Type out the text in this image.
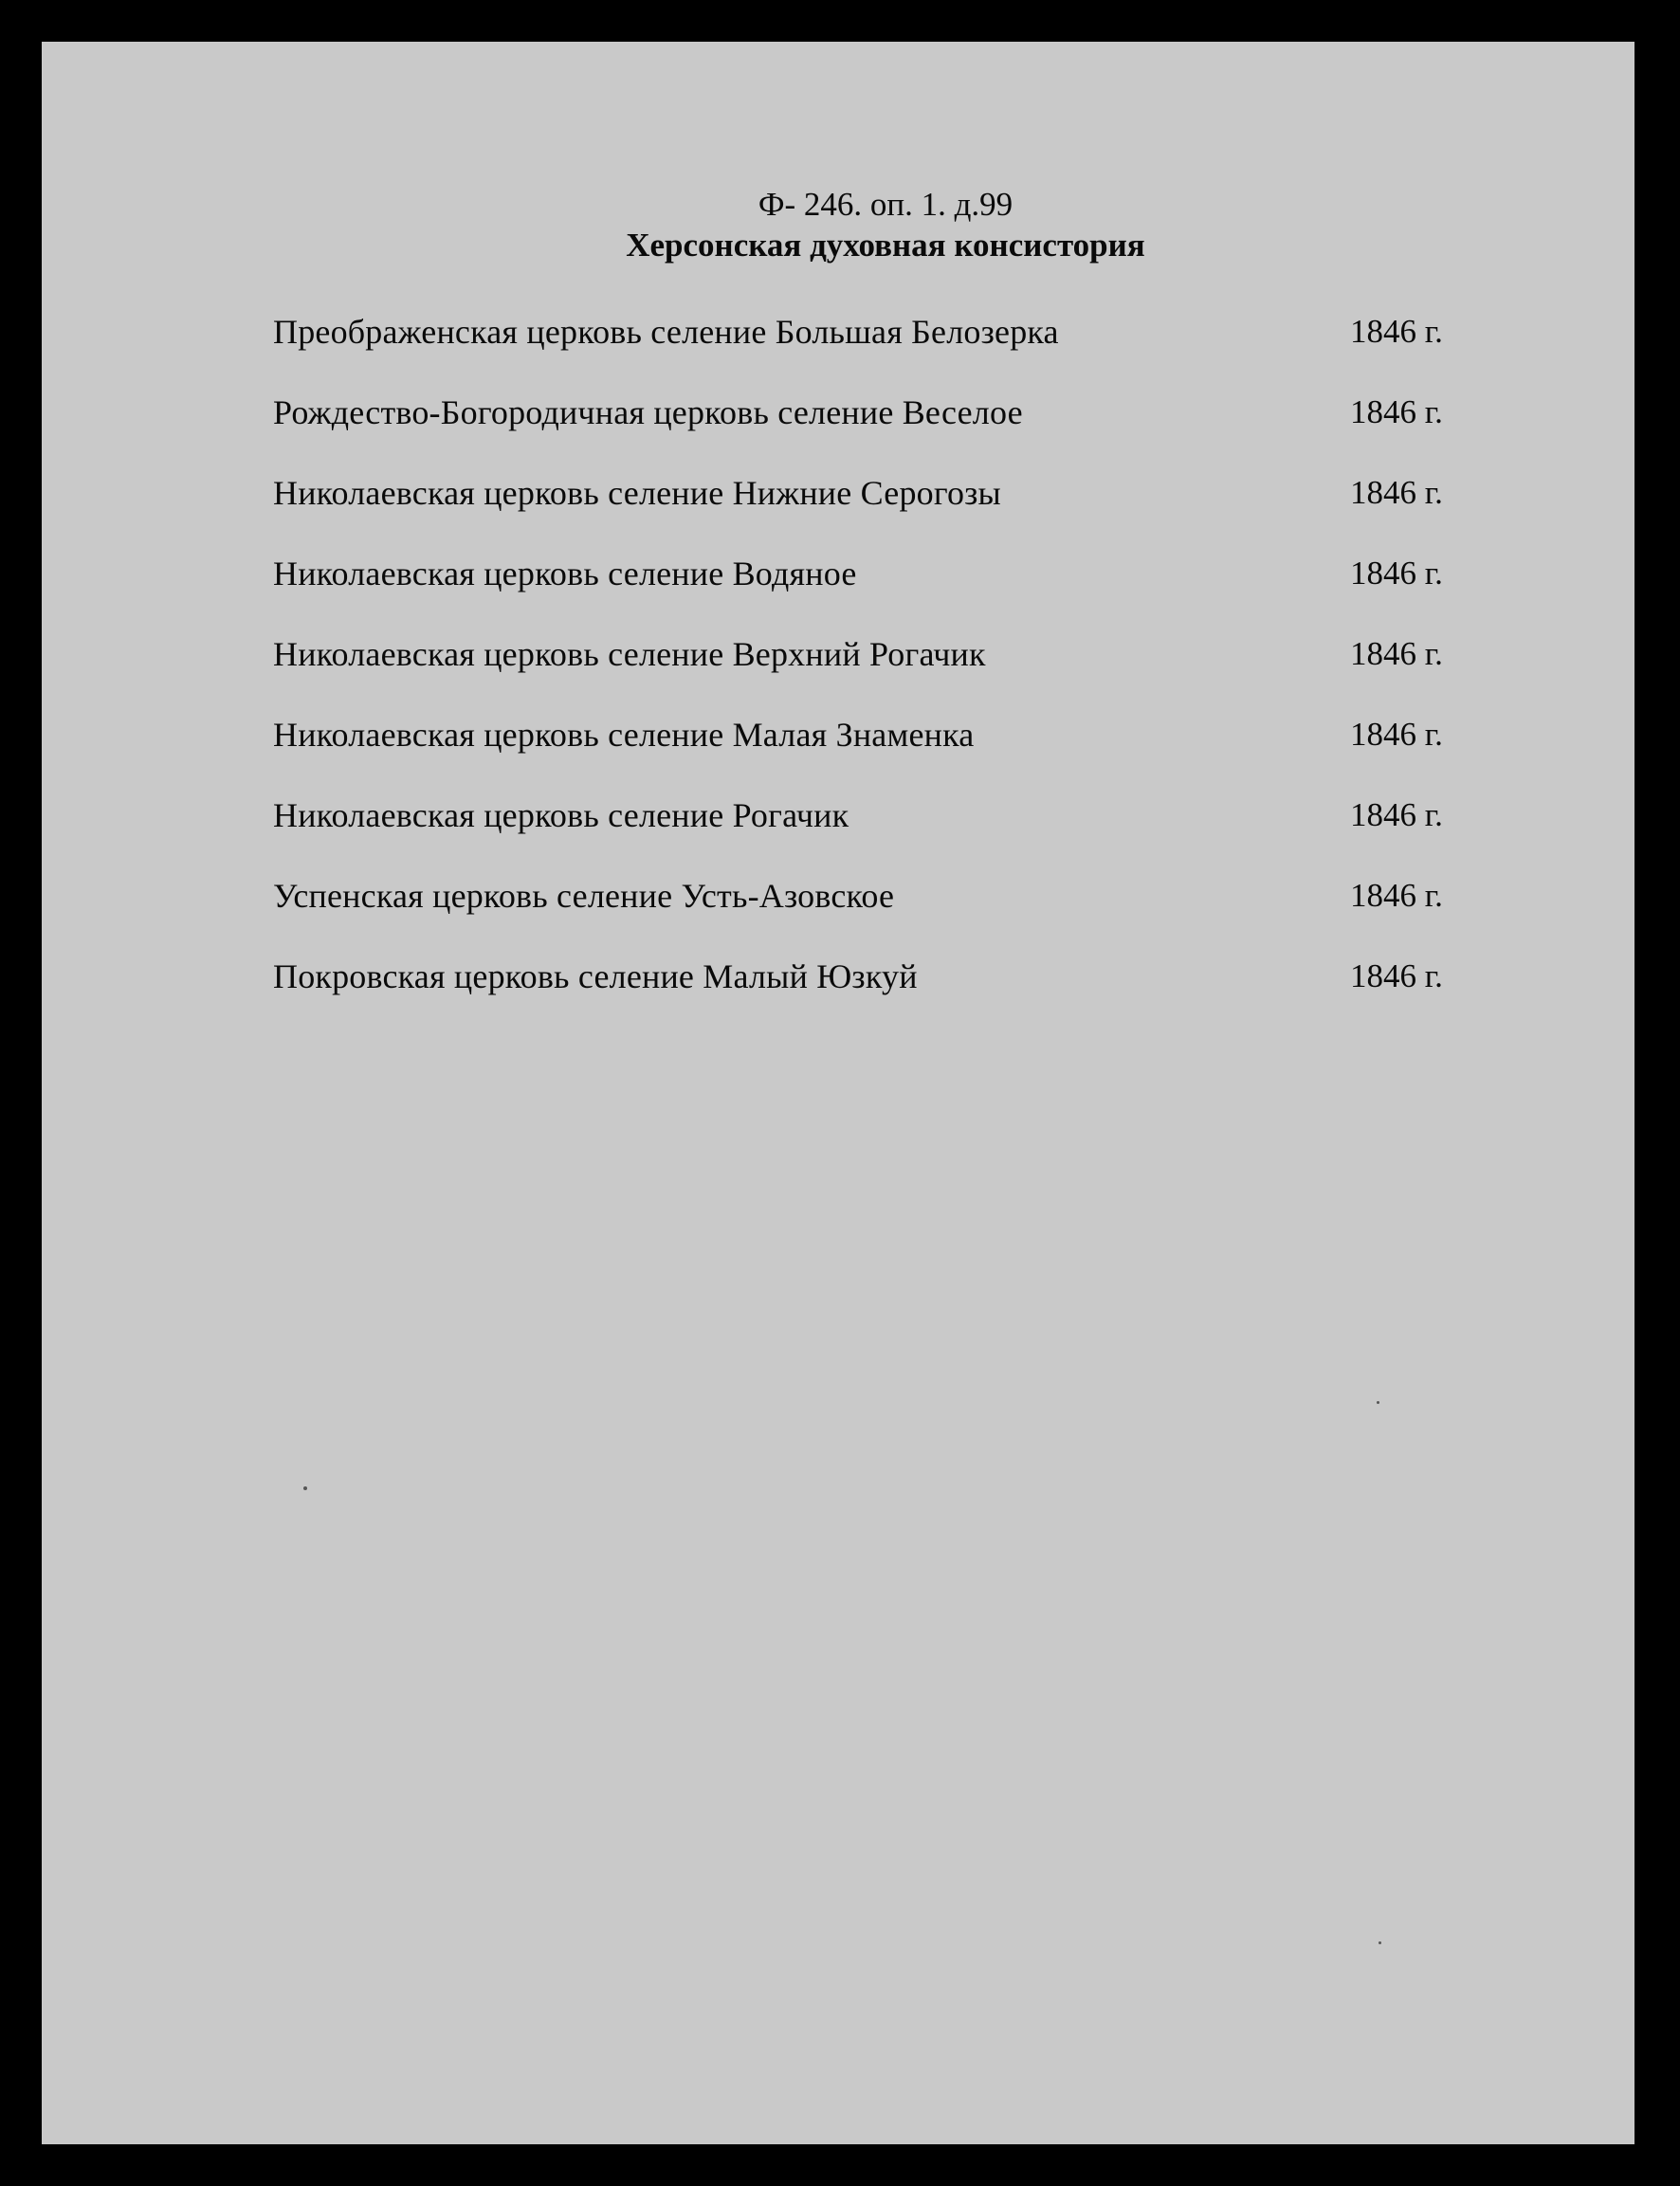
Ф- 246. оп. 1. д.99
Херсонская духовная консистория
Преображенская церковь селение Большая Белозерка	1846 г.
Рождество-Богородичная церковь селение Веселое	1846 г.
Николаевская церковь селение Нижние Серогозы	1846 г.
Николаевская церковь селение Водяное	1846 г.
Николаевская церковь селение Верхний Рогачик	1846 г.
Николаевская церковь селение Малая Знаменка	1846 г.
Николаевская церковь селение Рогачик	1846 г.
Успенская церковь селение Усть-Азовское	1846 г.
Покровская церковь селение Малый Юзкуй	1846 г.
